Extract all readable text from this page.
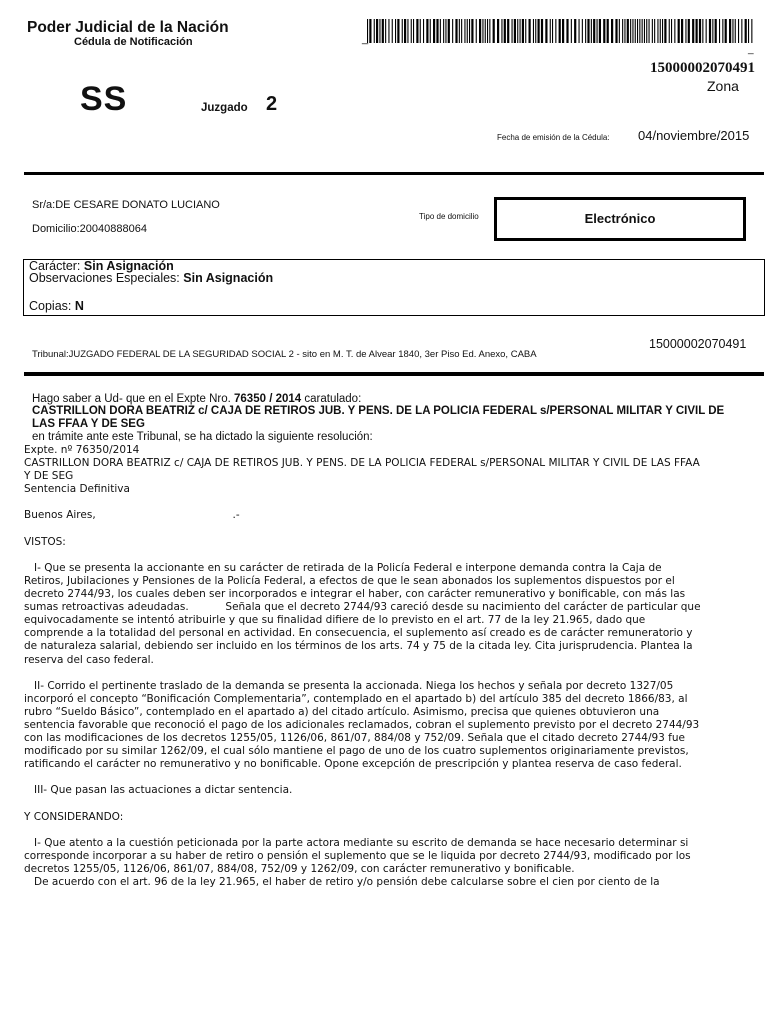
Poder Judicial de la Nación
Cédula de Notificación	_
_
15000002070491
Zona
SS	Juzgado 2
Fecha de emisión de la Cédula: 04/noviembre/2015
Sr/a:DE CESARE DONATO LUCIANO
Domicilio:20040888064
Tipo de domicilio	Electrónico
Carácter: Sin Asignación
Observaciones Especiales: Sin Asignación
Copias: N
15000002070491
Tribunal:JUZGADO FEDERAL DE LA SEGURIDAD SOCIAL 2 - sito en M. T. de Alvear 1840, 3er Piso Ed. Anexo, CABA
Hago saber a Ud- que en el Expte Nro. 76350 / 2014 caratulado:
CASTRILLON DORA BEATRIZ c/ CAJA DE RETIROS JUB. Y PENS. DE LA POLICIA FEDERAL s/PERSONAL MILITAR Y CIVIL DE LAS FFAA Y DE SEG
en trámite ante este Tribunal, se ha dictado la siguiente resolución:

Expte. nº 76350/2014

CASTRILLON DORA BEATRIZ c/ CAJA DE RETIROS JUB. Y PENS. DE LA POLICIA FEDERAL s/PERSONAL MILITAR Y CIVIL DE LAS FFAA Y DE SEG

Sentencia Definitiva

Buenos Aires,                                         .-

VISTOS:

I- Que se presenta la accionante en su carácter de retirada de la Policía Federal e interpone demanda contra la Caja de Retiros, Jubilaciones y Pensiones de la Policía Federal, a efectos de que le sean abonados los suplementos dispuestos por el decreto 2744/93, los cuales deben ser incorporados e integrar el haber, con carácter remunerativo y bonificable, con más las sumas retroactivas adeudadas.           Señala que el decreto 2744/93 careció desde su nacimiento del carácter de particular que equivocadamente se intentó atribuirle y que su finalidad difiere de lo previsto en el art. 77 de la ley 21.965, dado que comprende a la totalidad del personal en actividad. En consecuencia, el suplemento así creado es de carácter remuneratorio y de naturaleza salarial, debiendo ser incluido en los términos de los arts. 74 y 75 de la citada ley. Cita jurisprudencia. Plantea la reserva del caso federal.

II- Corrido el pertinente traslado de la demanda se presenta la accionada. Niega los hechos y señala por decreto 1327/05 incorporó el concepto “Bonificación Complementaria”, contemplado en el apartado b) del artículo 385 del decreto 1866/83, al rubro “Sueldo Básico”, contemplado en el apartado a) del citado artículo. Asimismo, precisa que quienes obtuvieron una sentencia favorable que reconoció el pago de los adicionales reclamados, cobran el suplemento previsto por el decreto 2744/93 con las modificaciones de los decretos 1255/05, 1126/06, 861/07, 884/08 y 752/09. Señala que el citado decreto 2744/93 fue modificado por su similar 1262/09, el cual sólo mantiene el pago de uno de los cuatro suplementos originariamente previstos, ratificando el carácter no remunerativo y no bonificable. Opone excepción de prescripción y plantea reserva de caso federal.

III- Que pasan las actuaciones a dictar sentencia.

Y CONSIDERANDO:

I- Que atento a la cuestión peticionada por la parte actora mediante su escrito de demanda se hace necesario determinar si corresponde incorporar a su haber de retiro o pensión el suplemento que se le liquida por decreto 2744/93, modificado por los decretos 1255/05, 1126/06, 861/07, 884/08, 752/09 y 1262/09, con carácter remunerativo y bonificable.

De acuerdo con el art. 96 de la ley 21.965, el haber de retiro y/o pensión debe calcularse sobre el cien por ciento de la
